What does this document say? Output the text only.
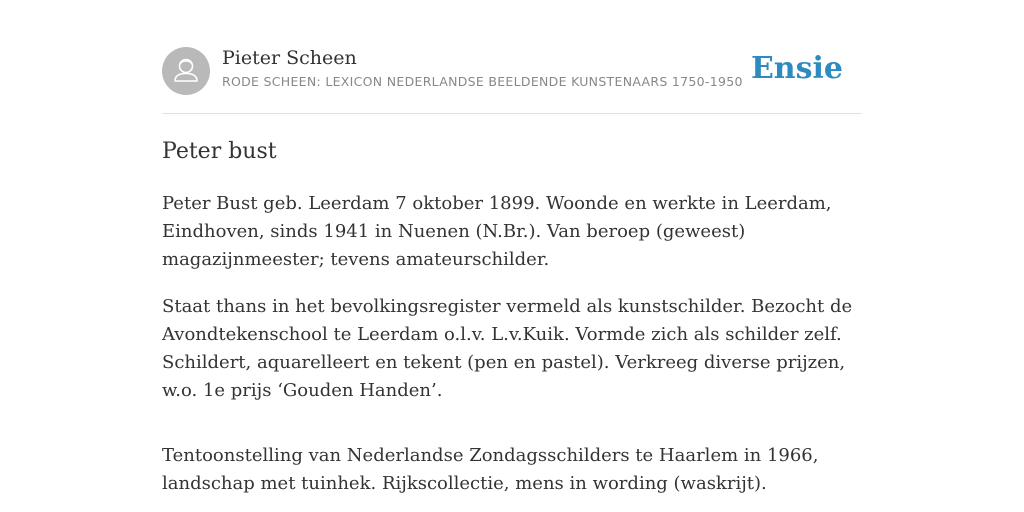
Pieter Scheen
RODE SCHEEN: LEXICON NEDERLANDSE BEELDENDE KUNSTENAARS 1750-1950 Ensie
Peter bust

Peter Bust geb. Leerdam 7 oktober 1899. Woonde en werkte in Leerdam, Eindhoven, sinds 1941 in Nuenen (N.Br.). Van beroep (geweest) magazijnmeester; tevens amateurschilder.

Staat thans in het bevolkingsregister vermeld als kunstschilder. Bezocht de Avondtekenschool te Leerdam o.l.v. L.v.Kuik. Vormde zich als schilder zelf. Schildert, aquarelleert en tekent (pen en pastel). Verkreeg diverse prijzen, w.o. 1e prijs ‘Gouden Handen’.

Tentoonstelling van Nederlandse Zondagsschilders te Haarlem in 1966, landschap met tuinhek. Rijkscollectie, mens in wording (waskrijt).
